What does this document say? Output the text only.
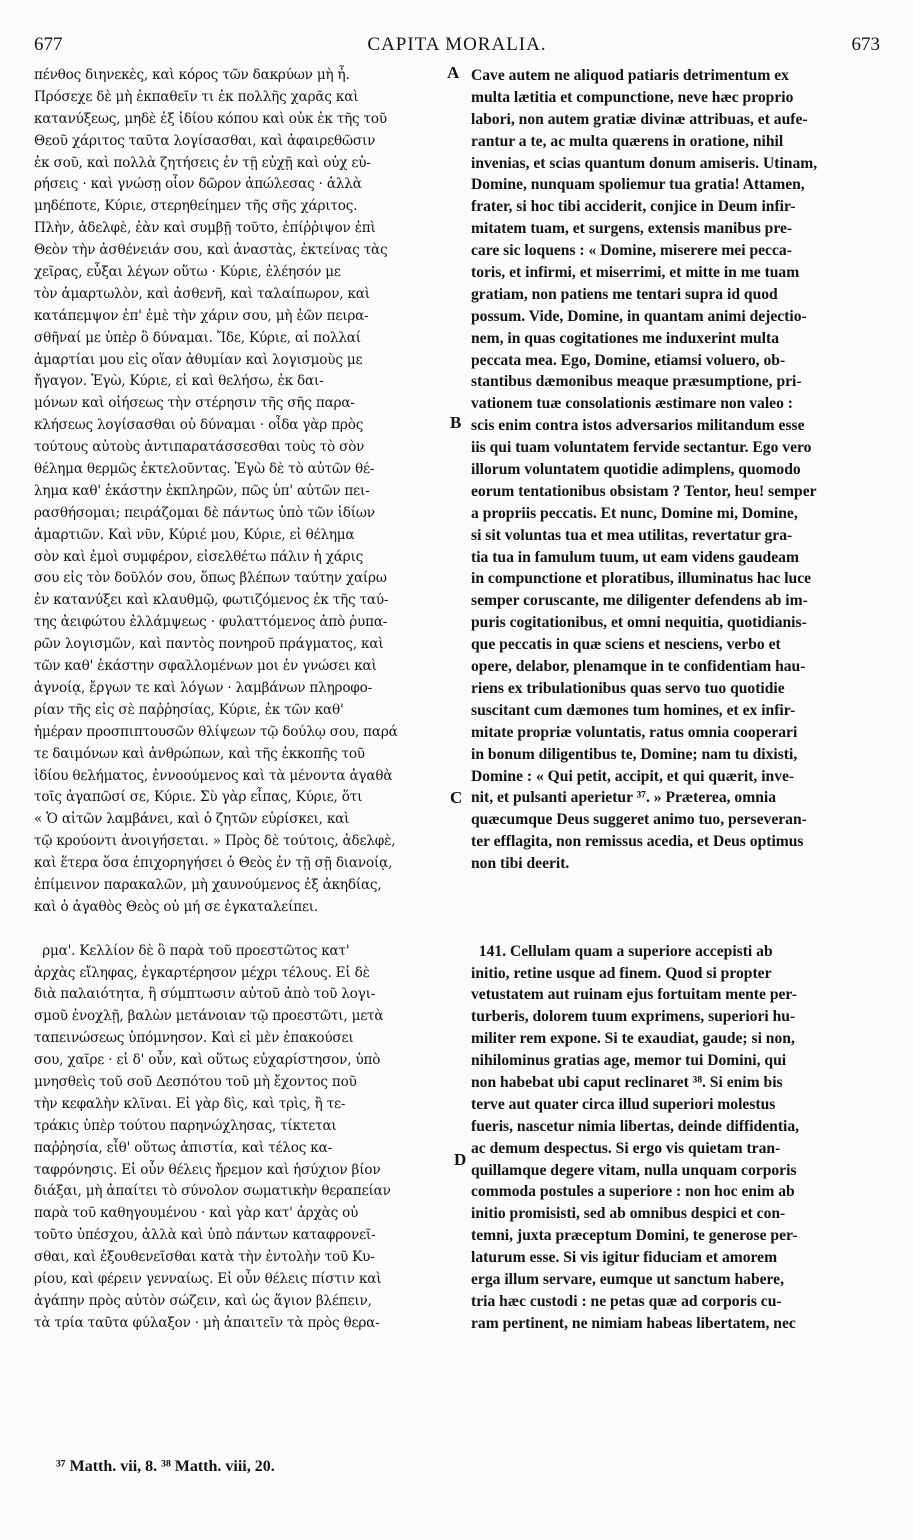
677	CAPITA MORALIA.	673
πένθος διηνεκὲς, καὶ κόρος τῶν δακρύων μὴ ἦ.
Πρόσεχε δὲ μὴ ἐκπαθεῖν τι ἐκ πολλῆς χαρᾶς καὶ
κατανύξεως, μηδὲ ἐξ ἰδίου κόπου καὶ οὐκ ἐκ τῆς τοῦ
Θεοῦ χάριτος ταῦτα λογίσασθαι, καὶ ἀφαιρεθῶσιν
ἐκ σοῦ, καὶ πολλὰ ζητήσεις ἐν τῇ εὐχῇ καὶ οὐχ εὑ-
ρήσεις · καὶ γνώσῃ οἷον δῶρον ἀπώλεσας · ἀλλὰ
μηδέποτε, Κύριε, στερηθείημεν τῆς σῆς χάριτος.
Πλὴν, ἀδελφὲ, ἐὰν καὶ συμβῇ τοῦτο, ἐπίῤῥιψον ἐπὶ
Θεὸν τὴν ἀσθένειάν σου, καὶ ἀναστὰς, ἐκτείνας τὰς
χεῖρας, εὖξαι λέγων οὕτω · Κύριε, ἐλέησόν με
τὸν ἁμαρτωλὸν, καὶ ἀσθενῆ, καὶ ταλαίπωρον, καὶ
κατάπεμψον ἐπ' ἐμὲ τὴν χάριν σου, μὴ ἐῶν πειρα-
σθῆναί με ὑπὲρ ὃ δύναμαι. Ἴδε, Κύριε, αἱ πολλαί
ἁμαρτίαι μου εἰς οἵαν ἀθυμίαν καὶ λογισμοὺς με
ἤγαγον. Ἐγὼ, Κύριε, εἰ καὶ θελήσω, ἐκ δαι-
μόνων καὶ οἰήσεως τὴν στέρησιν τῆς σῆς παρα-
κλήσεως λογίσασθαι οὐ δύναμαι · οἶδα γὰρ πρὸς
τούτους αὐτοὺς ἀντιπαρατάσσεσθαι τοὺς τὸ σὸν
θέλημα θερμῶς ἐκτελοῦντας. Ἐγὼ δὲ τὸ αὐτῶν θέ-
λημα καθ' ἑκάστην ἐκπληρῶν, πῶς ὑπ' αὐτῶν πει-
ρασθήσομαι; πειράζομαι δὲ πάντως ὑπὸ τῶν ἰδίων
ἁμαρτιῶν. Καὶ νῦν, Κύριέ μου, Κύριε, εἰ θέλημα
σὸν καὶ ἐμοὶ συμφέρον, εἰσελθέτω πάλιν ἡ χάρις
σου εἰς τὸν δοῦλόν σου, ὅπως βλέπων ταύτην χαίρω
ἐν κατανύξει καὶ κλαυθμῷ, φωτιζόμενος ἐκ τῆς ταύ-
της ἀειφώτου ἐλλάμψεως · φυλαττόμενος ἀπὸ ῥυπα-
ρῶν λογισμῶν, καὶ παντὸς πονηροῦ πράγματος, καὶ
τῶν καθ' ἑκάστην σφαλλομένων μοι ἐν γνώσει καὶ
ἀγνοίᾳ, ἔργων τε καὶ λόγων · λαμβάνων πληροφο-
ρίαν τῆς εἰς σὲ παῤῥησίας, Κύριε, ἐκ τῶν καθ'
ἡμέραν προσπιπτουσῶν θλίψεων τῷ δούλῳ σου, παρά
τε δαιμόνων καὶ ἀνθρώπων, καὶ τῆς ἐκκοπῆς τοῦ
ἰδίου θελήματος, ἐννοούμενος καὶ τὰ μένοντα ἀγαθὰ
τοῖς ἀγαπῶσί σε, Κύριε. Σὺ γὰρ εἶπας, Κύριε, ὅτι
« Ὁ αἰτῶν λαμβάνει, καὶ ὁ ζητῶν εὑρίσκει, καὶ
τῷ κρούοντι ἀνοιγήσεται. » Πρὸς δὲ τούτοις, ἀδελφὲ,
καὶ ἕτερα ὅσα ἐπιχορηγήσει ὁ Θεὸς ἐν τῇ σῇ διανοίᾳ,
ἐπίμεινον παρακαλῶν, μὴ χαυνούμενος ἐξ ἀκηδίας,
καὶ ὁ ἀγαθὸς Θεὸς οὐ μή σε ἐγκαταλείπει.
ρμα'. Κελλίον δὲ ὃ παρὰ τοῦ προεστῶτος κατ'
ἀρχὰς εἴληφας, ἐγκαρτέρησον μέχρι τέλους. Εἰ δὲ
διὰ παλαιότητα, ἢ σύμπτωσιν αὐτοῦ ἀπὸ τοῦ λογι-
σμοῦ ἐνοχλῇ, βαλὼν μετάνοιαν τῷ προεστῶτι, μετὰ
ταπεινώσεως ὑπόμνησον. Καὶ εἰ μὲν ἐπακούσει
σου, χαῖρε · εἰ δ' οὖν, καὶ οὕτως εὐχαρίστησον, ὑπὸ
μνησθεὶς τοῦ σοῦ Δεσπότου τοῦ μὴ ἔχοντος ποῦ
τὴν κεφαλὴν κλῖναι. Εἰ γὰρ δὶς, καὶ τρὶς, ἢ τε-
τράκις ὑπὲρ τούτου παρηνώχλησας, τίκτεται
παῤῥησία, εἶθ' οὕτως ἀπιστία, καὶ τέλος κα-
ταφρόνησις. Εἰ οὖν θέλεις ἤρεμον καὶ ἡσύχιον βίον
διάξαι, μὴ ἀπαίτει τὸ σύνολον σωματικὴν θεραπείαν
παρὰ τοῦ καθηγουμένου · καὶ γὰρ κατ' ἀρχὰς οὐ
τοῦτο ὑπέσχου, ἀλλὰ καὶ ὑπὸ πάντων καταφρονεῖ-
σθαι, καὶ ἐξουθενεῖσθαι κατὰ τὴν ἐντολὴν τοῦ Κυ-
ρίου, καὶ φέρειν γενναίως. Εἰ οὖν θέλεις πίστιν καὶ
ἀγάπην πρὸς αὐτὸν σώζειν, καὶ ὡς ἅγιον βλέπειν,
τὰ τρία ταῦτα φύλαξον · μὴ ἀπαιτεῖν τὰ πρὸς θερα-
Cave autem ne aliquod patiaris detrimentum ex
multa lætitia et compunctione, neve hæc proprio
labori, non autem gratiæ divinæ attribuas, et aufe-
rantur a te, ac multa quærens in oratione, nihil
invenias, et scias quantum donum amiseris. Utinam,
Domine, nunquam spoliemur tua gratia! Attamen,
frater, si hoc tibi acciderit, conjice in Deum infir-
mitatem tuam, et surgens, extensis manibus pre-
care sic loquens : « Domine, miserere mei pecca-
toris, et infirmi, et miserrimi, et mitte in me tuam
gratiam, non patiens me tentari supra id quod
possum. Vide, Domine, in quantam animi dejectio-
nem, in quas cogitationes me induxerint multa
peccata mea. Ego, Domine, etiamsi voluero, ob-
stantibus dæmonibus meaque præsumptione, pri-
vationem tuæ consolationis æstimare non valeo :
scis enim contra istos adversarios militandum esse
iis qui tuam voluntatem fervide sectantur. Ego vero
illorum voluntatem quotidie adimplens, quomodo
eorum tentationibus obsistam ? Tentor, heu! semper
a propriis peccatis. Et nunc, Domine mi, Domine,
si sit voluntas tua et mea utilitas, revertatur gra-
tia tua in famulum tuum, ut eam videns gaudeam
in compunctione et ploratibus, illuminatus hac luce
semper coruscante, me diligenter defendens ab im-
puris cogitationibus, et omni nequitia, quotidianis-
que peccatis in quæ sciens et nesciens, verbo et
opere, delabor, plenamque in te confidentiam hau-
riens ex tribulationibus quas servo tuo quotidie
suscitant cum dæmones tum homines, et ex infir-
mitate propriæ voluntatis, ratus omnia cooperari
in bonum diligentibus te, Domine; nam tu dixisti,
Domine : « Qui petit, accipit, et qui quærit, inve-
nit, et pulsanti aperietur ³⁷. » Præterea, omnia
quæcumque Deus suggeret animo tuo, perseveran-
ter efflagita, non remissus acedia, et Deus optimus
non tibi deerit.
141. Cellulam quam a superiore accepisti ab
initio, retine usque ad finem. Quod si propter
vetustatem aut ruinam ejus fortuitam mente per-
turberis, dolorem tuum exprimens, superiori hu-
militer rem expone. Si te exaudiat, gaude; si non,
nihilominus gratias age, memor tui Domini, qui
non habebat ubi caput reclinaret ³⁸. Si enim bis
terve aut quater circa illud superiori molestus
fueris, nascetur nimia libertas, deinde diffidentia,
ac demum despectus. Si ergo vis quietam tran-
quillamque degere vitam, nulla unquam corporis
commoda postules a superiore : non hoc enim ab
initio promisisti, sed ab omnibus despici et con-
temni, juxta præceptum Domini, te generose per-
laturum esse. Si vis igitur fiduciam et amorem
erga illum servare, eumque ut sanctum habere,
tria hæc custodi : ne petas quæ ad corporis cu-
ram pertinent, ne nimiam habeas libertatem, nec
A
B
C
D
³⁷ Matth. vii, 8. ³⁸ Matth. viii, 20.
